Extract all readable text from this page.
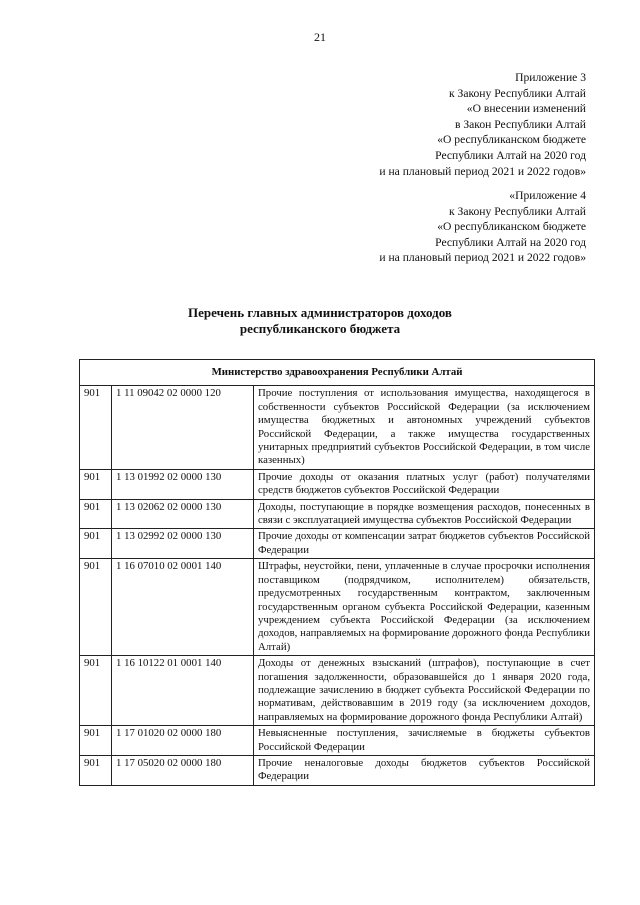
21
Приложение 3
к Закону Республики Алтай
«О внесении изменений
в Закон Республики Алтай
«О республиканском бюджете
Республики Алтай на 2020 год
и на плановый период 2021 и 2022 годов»
«Приложение 4
к Закону Республики Алтай
«О республиканском бюджете
Республики Алтай на 2020 год
и на плановый период 2021 и 2022 годов»
Перечень главных администраторов доходов
республиканского бюджета
Министерство здравоохранения Республики Алтай		
901	1 11 09042 02 0000 120	Прочие поступления от использования имущества, находящегося в собственности субъектов Российской Федерации (за исключением имущества бюджетных и автономных учреждений субъектов Российской Федерации, а также имущества государственных унитарных предприятий субъектов Российской Федерации, в том числе казенных)
901	1 13 01992 02 0000 130	Прочие доходы от оказания платных услуг (работ) получателями средств бюджетов субъектов Российской Федерации
901	1 13 02062 02 0000 130	Доходы, поступающие в порядке возмещения расходов, понесенных в связи с эксплуатацией имущества субъектов Российской Федерации
901	1 13 02992 02 0000 130	Прочие доходы от компенсации затрат бюджетов субъектов Российской Федерации
901	1 16 07010 02 0001 140	Штрафы, неустойки, пени, уплаченные в случае просрочки исполнения поставщиком (подрядчиком, исполнителем) обязательств, предусмотренных государственным контрактом, заключенным государственным органом субъекта Российской Федерации, казенным учреждением субъекта Российской Федерации (за исключением доходов, направляемых на формирование дорожного фонда Республики Алтай)
901	1 16 10122 01 0001 140	Доходы от денежных взысканий (штрафов), поступающие в счет погашения задолженности, образовавшейся до 1 января 2020 года, подлежащие зачислению в бюджет субъекта Российской Федерации по нормативам, действовавшим в 2019 году (за исключением доходов, направляемых на формирование дорожного фонда Республики Алтай)
901	1 17 01020 02 0000 180	Невыясненные поступления, зачисляемые в бюджеты субъектов Российской Федерации
901	1 17 05020 02 0000 180	Прочие неналоговые доходы бюджетов субъектов Российской Федерации
